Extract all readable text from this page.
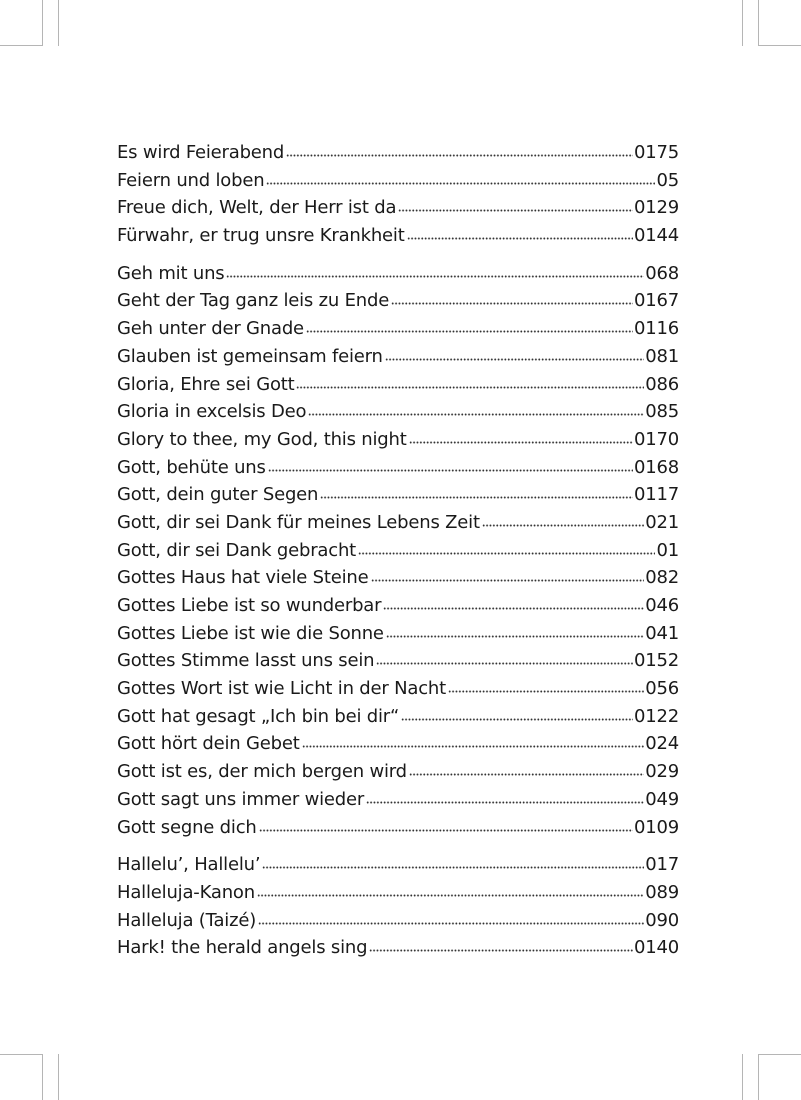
Es wird Feierabend	0175
Feiern und loben	05
Freue dich, Welt, der Herr ist da	0129
Fürwahr, er trug unsre Krankheit	0144
Geh mit uns	068
Geht der Tag ganz leis zu Ende	0167
Geh unter der Gnade	0116
Glauben ist gemeinsam feiern	081
Gloria, Ehre sei Gott	086
Gloria in excelsis Deo	085
Glory to thee, my God, this night	0170
Gott, behüte uns	0168
Gott, dein guter Segen	0117
Gott, dir sei Dank für meines Lebens Zeit	021
Gott, dir sei Dank gebracht	01
Gottes Haus hat viele Steine	082
Gottes Liebe ist so wunderbar	046
Gottes Liebe ist wie die Sonne	041
Gottes Stimme lasst uns sein	0152
Gottes Wort ist wie Licht in der Nacht	056
Gott hat gesagt „Ich bin bei dir“	0122
Gott hört dein Gebet	024
Gott ist es, der mich bergen wird	029
Gott sagt uns immer wieder	049
Gott segne dich	0109
Hallelu’, Hallelu’	017
Halleluja-Kanon	089
Halleluja (Taizé)	090
Hark! the herald angels sing	0140
